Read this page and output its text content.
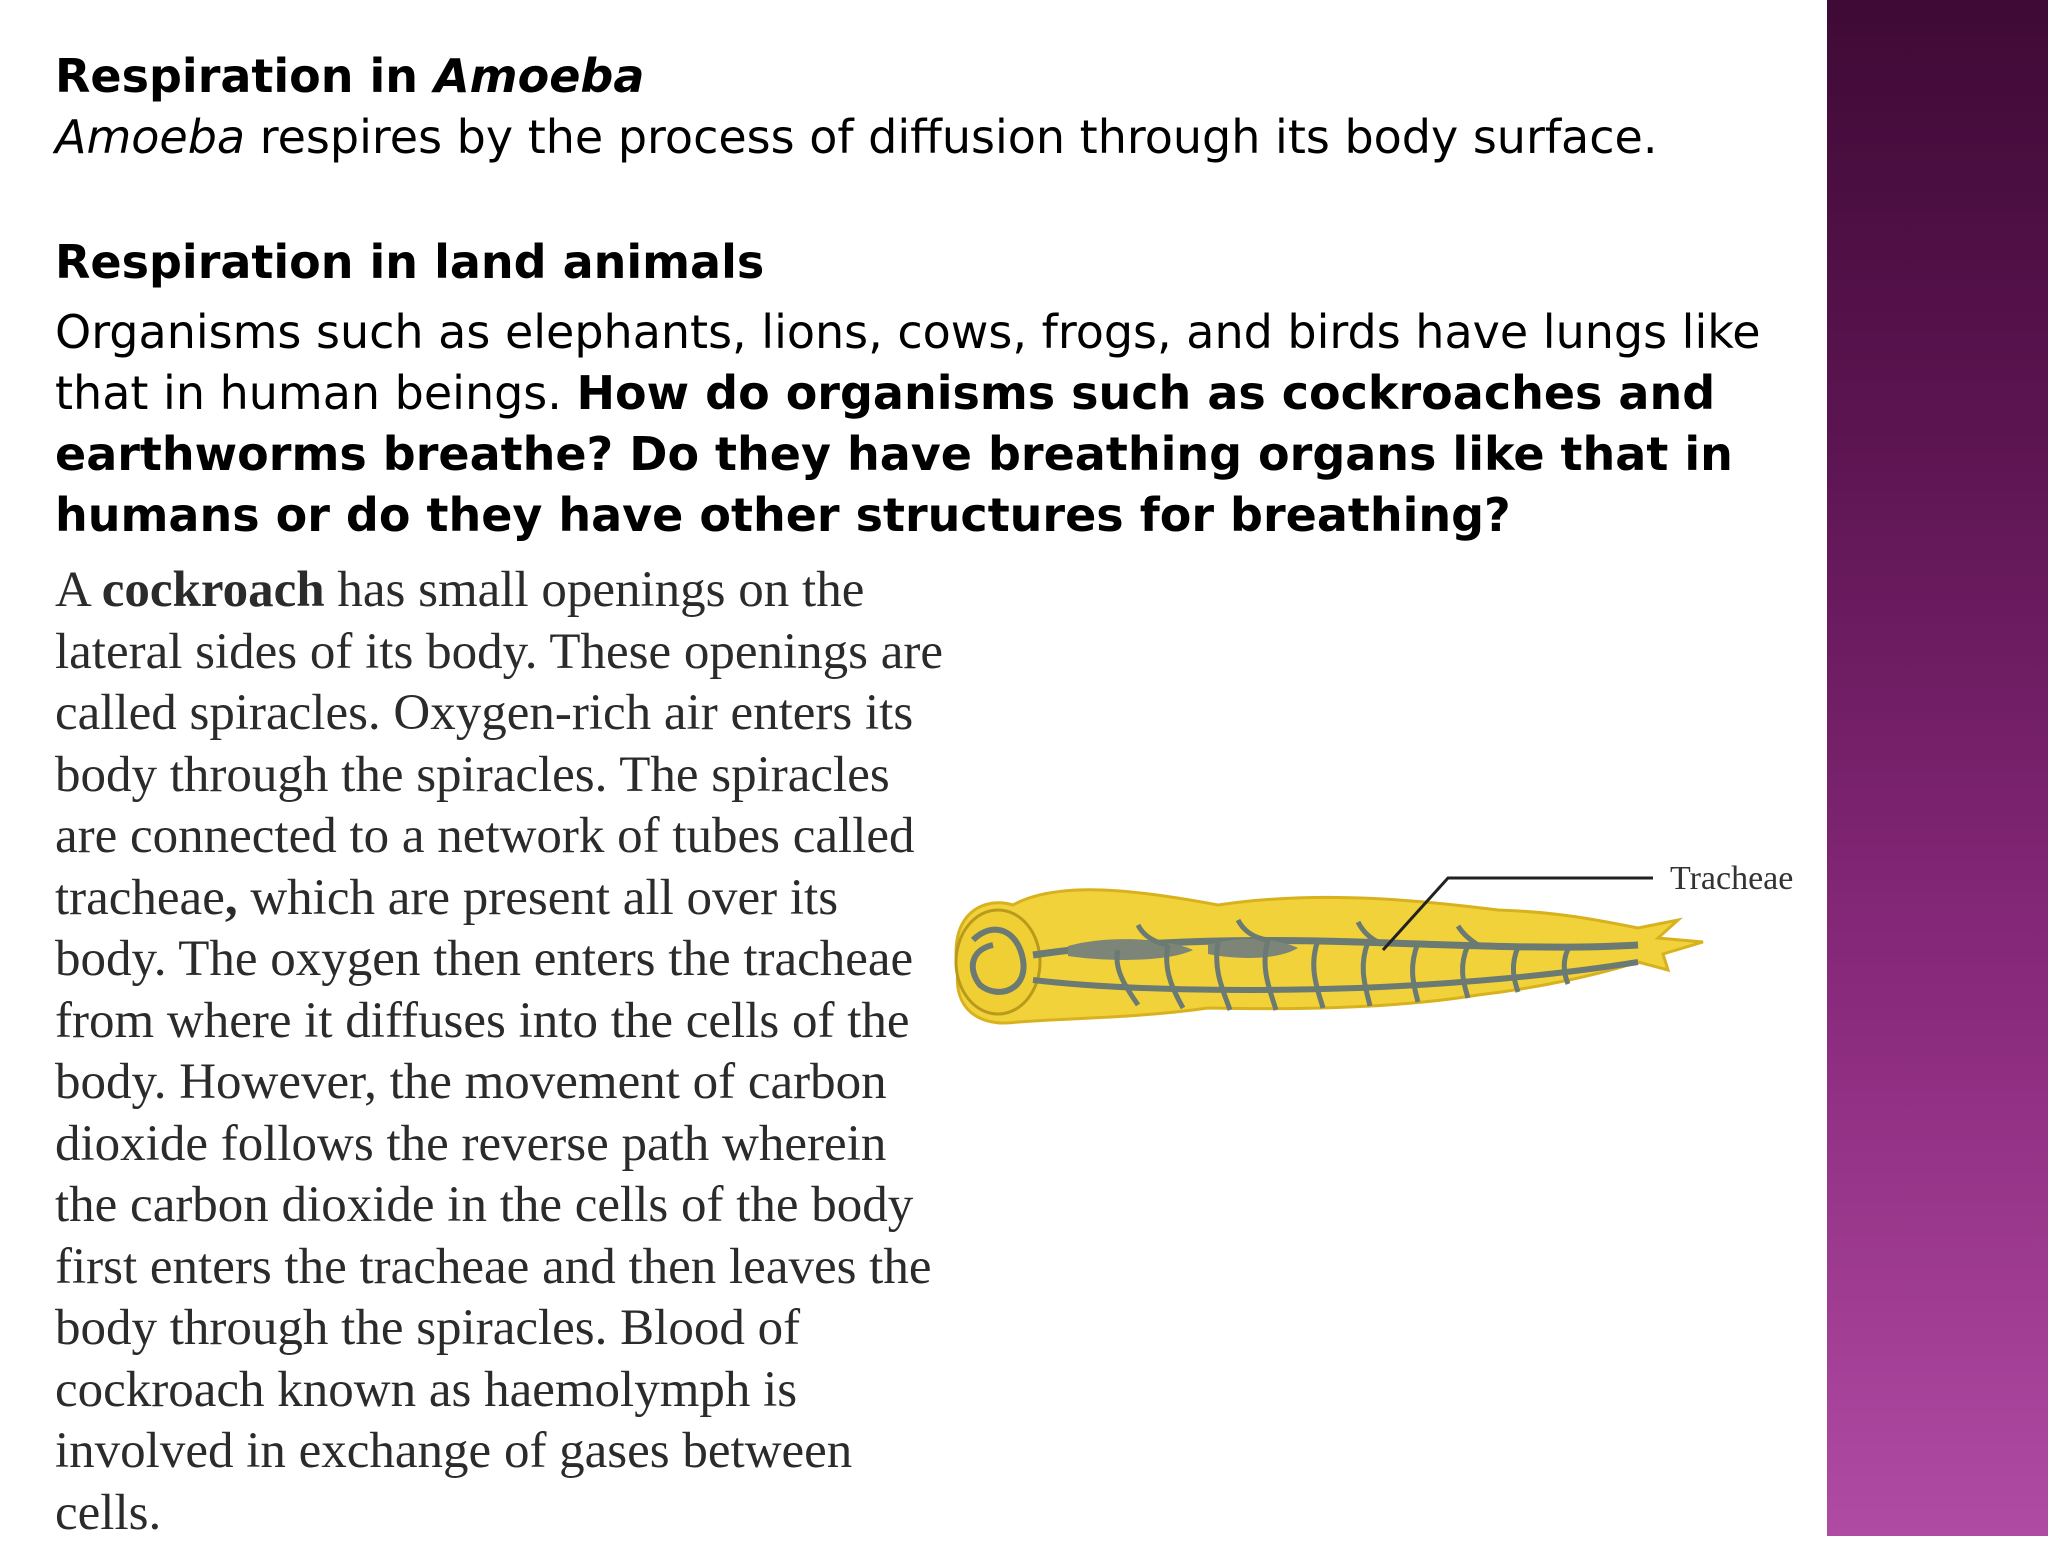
Respiration in Amoeba
Amoeba respires by the process of diffusion through its body surface.
Respiration in land animals
Organisms such as elephants, lions, cows, frogs, and birds have lungs like that in human beings. How do organisms such as cockroaches and earthworms breathe? Do they have breathing organs like that in humans or do they have other structures for breathing?
A cockroach has small openings on the lateral sides of its body. These openings are called spiracles. Oxygen-rich air enters its body through the spiracles. The spiracles are connected to a network of tubes called tracheae, which are present all over its body. The oxygen then enters the tracheae from where it diffuses into the cells of the body. However, the movement of carbon dioxide follows the reverse path wherein the carbon dioxide in the cells of the body first enters the tracheae and then leaves the body through the spiracles. Blood of cockroach known as haemolymph is involved in exchange of gases between cells.
Tracheae
